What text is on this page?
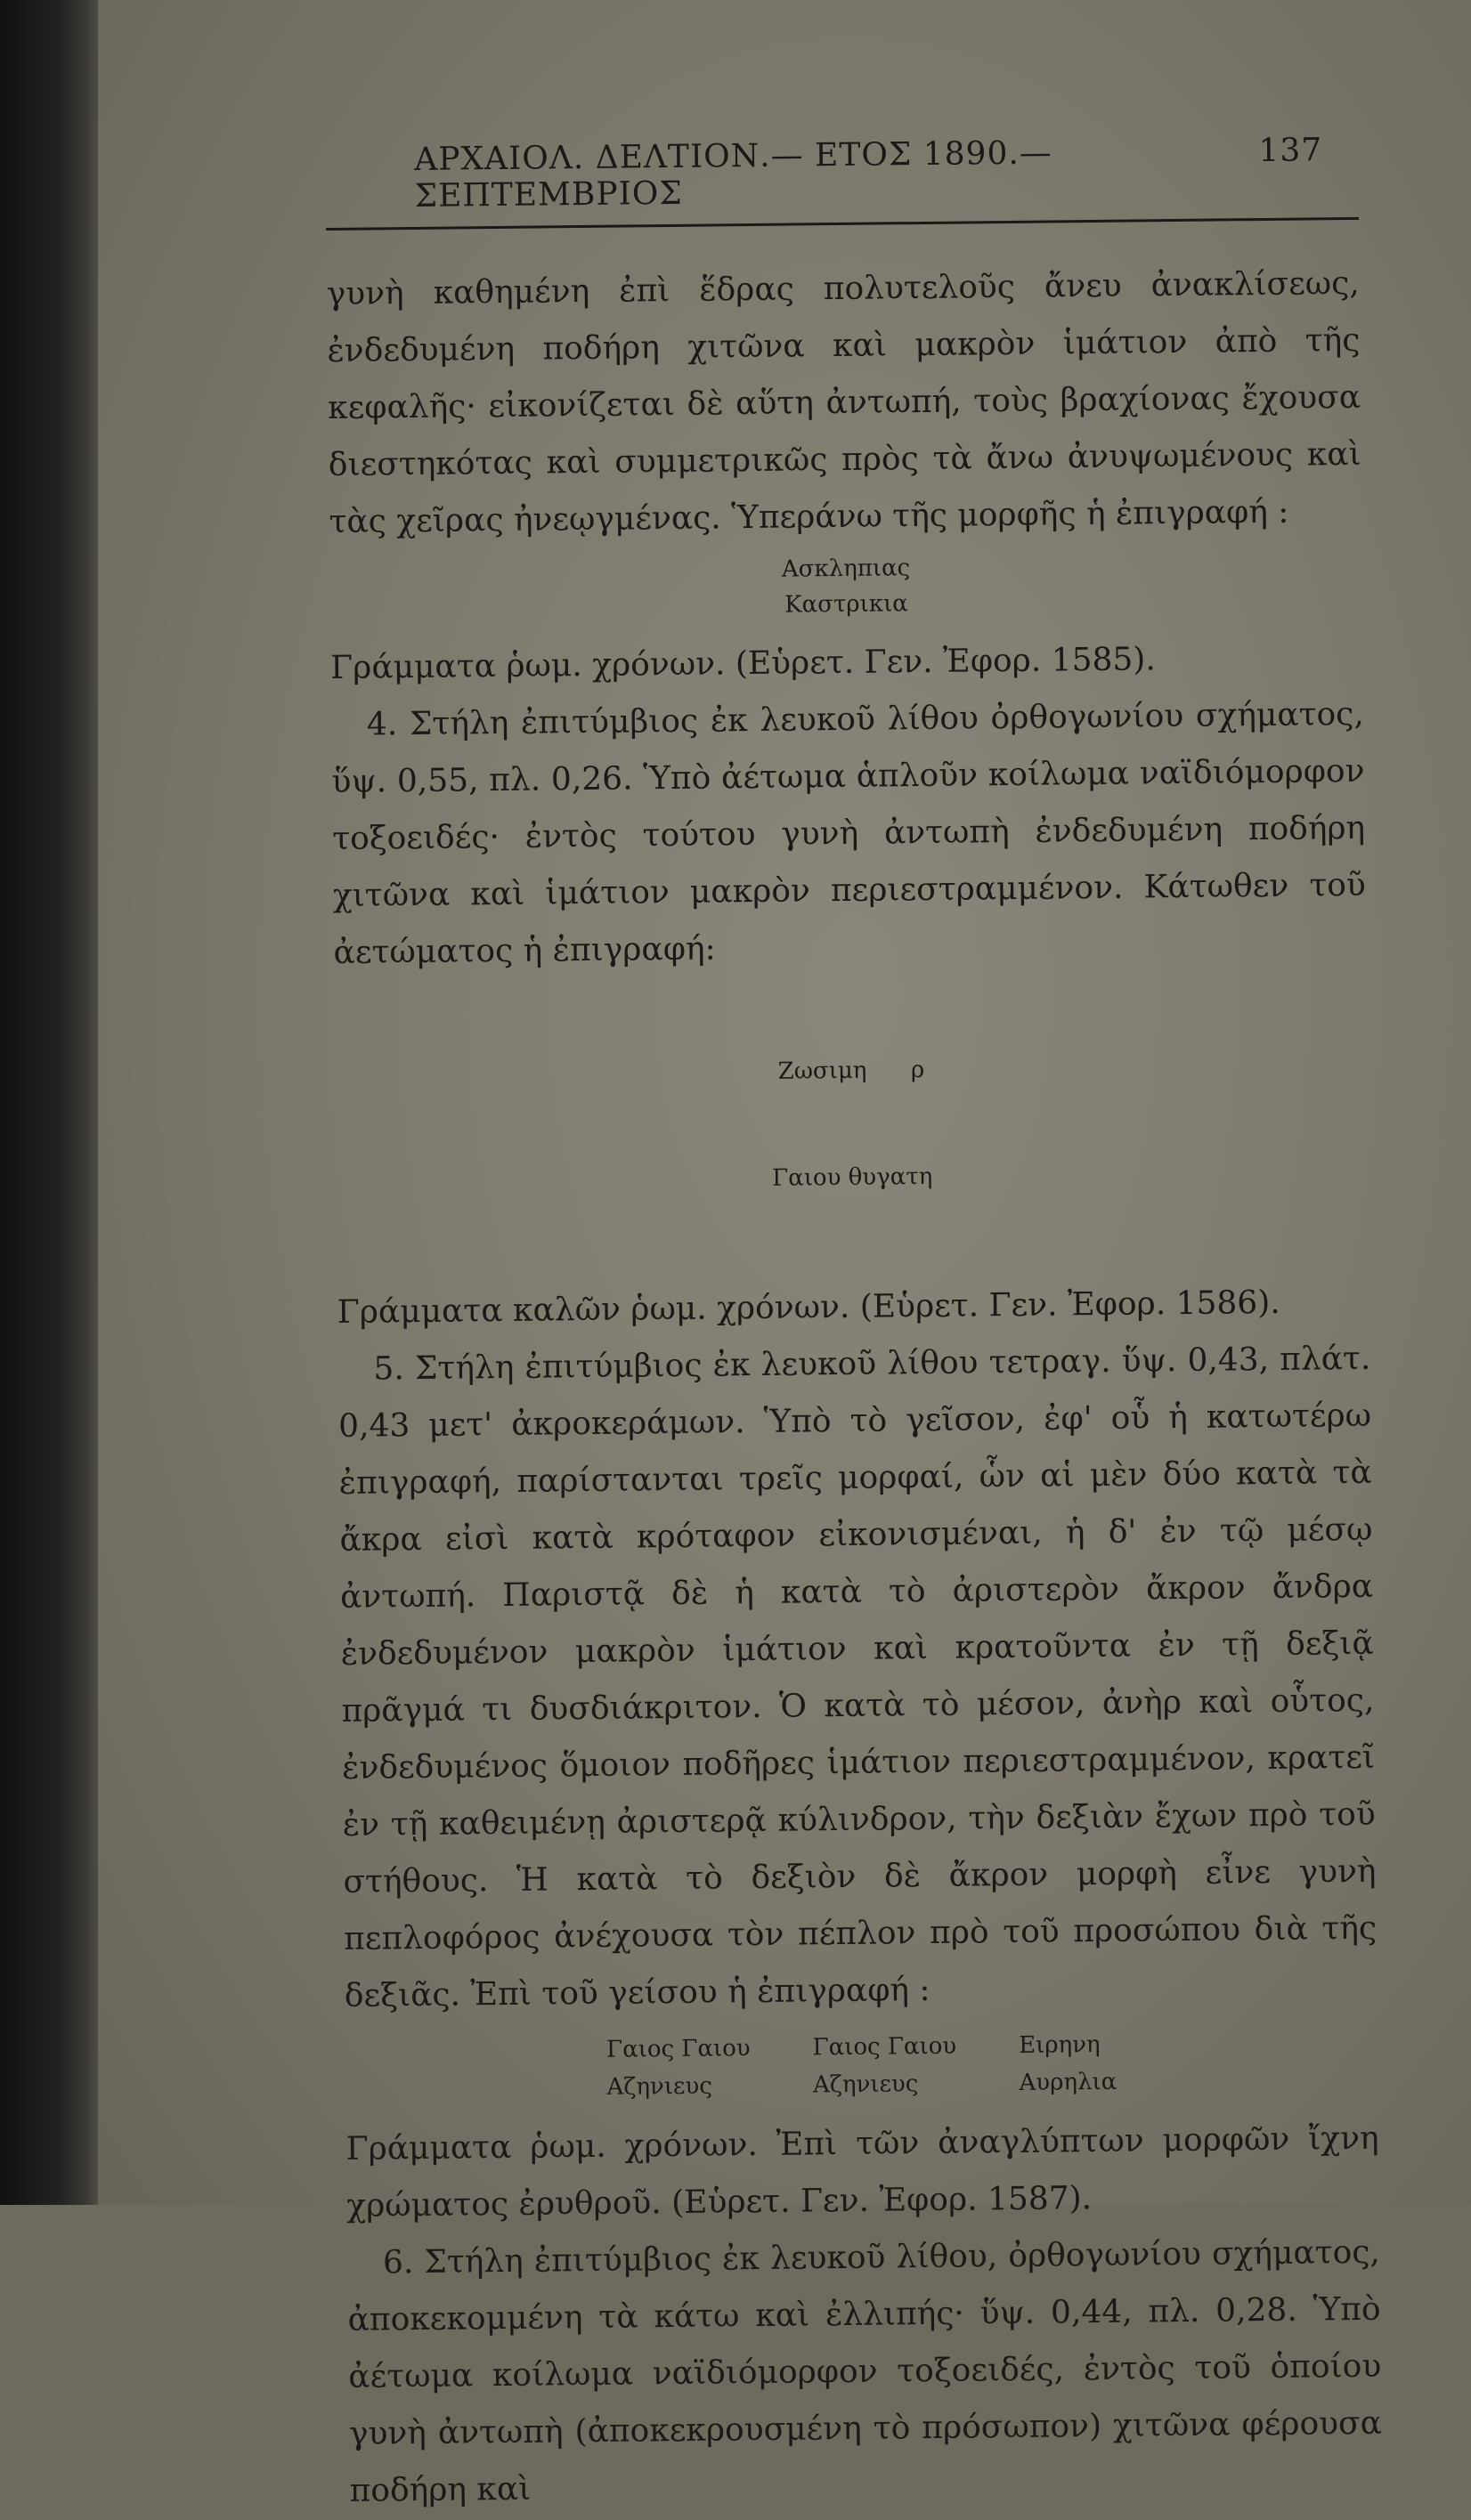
ΑΡΧΑΙΟΛ. ΔΕΛΤΙΟΝ.— ΕΤΟΣ 1890.—ΣΕΠΤΕΜΒΡΙΟΣ
137

γυνὴ καθημένη ἐπὶ ἕδρας πολυτελοῦς ἄνευ ἀνακλίσεως, ἐνδεδυμένη ποδήρη χιτῶνα καὶ μακρὸν ἱμάτιον ἀπὸ τῆς κεφαλῆς· εἰκονίζεται δὲ αὕτη ἀντωπή, τοὺς βραχίονας ἔχουσα διεστηκότας καὶ συμμετρικῶς πρὸς τὰ ἄνω ἀνυψωμένους καὶ τὰς χεῖρας ἠνεῳγμένας. Ὑπεράνω τῆς μορφῆς ἡ ἐπιγραφή :

Ασκληπιας
Καστρικια

Γράμματα ῥωμ. χρόνων. (Εὑρετ. Γεν. Ἐφορ. 1585).

4. Στήλη ἐπιτύμβιος ἐκ λευκοῦ λίθου ὀρθογωνίου σχήματος, ὕψ. 0,55, πλ. 0,26. Ὑπὸ ἀέτωμα ἁπλοῦν κοίλωμα ναϊδιόμορφον τοξοειδές· ἐντὸς τούτου γυνὴ ἀντωπὴ ἐνδεδυμένη ποδήρη χιτῶνα καὶ ἱμάτιον μακρὸν περιεστραμμένον. Κάτωθεν τοῦ ἀετώματος ἡ ἐπιγραφή:

Ζωσιμη      ρ

Γαιου θυγατη

Γράμματα καλῶν ῥωμ. χρόνων. (Εὑρετ. Γεν. Ἐφορ. 1586).

5. Στήλη ἐπιτύμβιος ἐκ λευκοῦ λίθου τετραγ. ὕψ. 0,43, πλάτ. 0,43 μετ' ἀκροκεράμων. Ὑπὸ τὸ γεῖσον, ἐφ' οὗ ἡ κατωτέρω ἐπιγραφή, παρίστανται τρεῖς μορφαί, ὧν αἱ μὲν δύο κατὰ τὰ ἄκρα εἰσὶ κατὰ κρόταφον εἰκονισμέναι, ἡ δ' ἐν τῷ μέσῳ ἀντωπή. Παριστᾷ δὲ ἡ κατὰ τὸ ἀριστερὸν ἄκρον ἄνδρα ἐνδεδυμένον μακρὸν ἱμάτιον καὶ κρατοῦντα ἐν τῇ δεξιᾷ πρᾶγμά τι δυσδιάκριτον. Ὁ κατὰ τὸ μέσον, ἀνὴρ καὶ οὗτος, ἐνδεδυμένος ὅμοιον ποδῆρες ἱμάτιον περιεστραμμένον, κρατεῖ ἐν τῇ καθειμένῃ ἀριστερᾷ κύλινδρον, τὴν δεξιὰν ἔχων πρὸ τοῦ στήθους. Ἡ κατὰ τὸ δεξιὸν δὲ ἄκρον μορφὴ εἶνε γυνὴ πεπλοφόρος ἀνέχουσα τὸν πέπλον πρὸ τοῦ προσώπου διὰ τῆς δεξιᾶς. Ἐπὶ τοῦ γείσου ἡ ἐπιγραφή :

Γαιος Γαιου
Αζηνιευς
Γαιος Γαιου
Αζηνιευς
Ειρηνη
Αυρηλια

Γράμματα ῥωμ. χρόνων. Ἐπὶ τῶν ἀναγλύπτων μορφῶν ἴχνη χρώματος ἐρυθροῦ. (Εὑρετ. Γεν. Ἐφορ. 1587).

6. Στήλη ἐπιτύμβιος ἐκ λευκοῦ λίθου, ὀρθογωνίου σχήματος, ἀποκεκομμένη τὰ κάτω καὶ ἐλλιπής· ὕψ. 0,44, πλ. 0,28. Ὑπὸ ἀέτωμα κοίλωμα ναϊδιόμορφον τοξοειδές, ἐντὸς τοῦ ὁποίου γυνὴ ἀντωπὴ (ἀποκεκρουσμένη τὸ πρόσωπον) χιτῶνα φέρουσα ποδήρη καὶ
